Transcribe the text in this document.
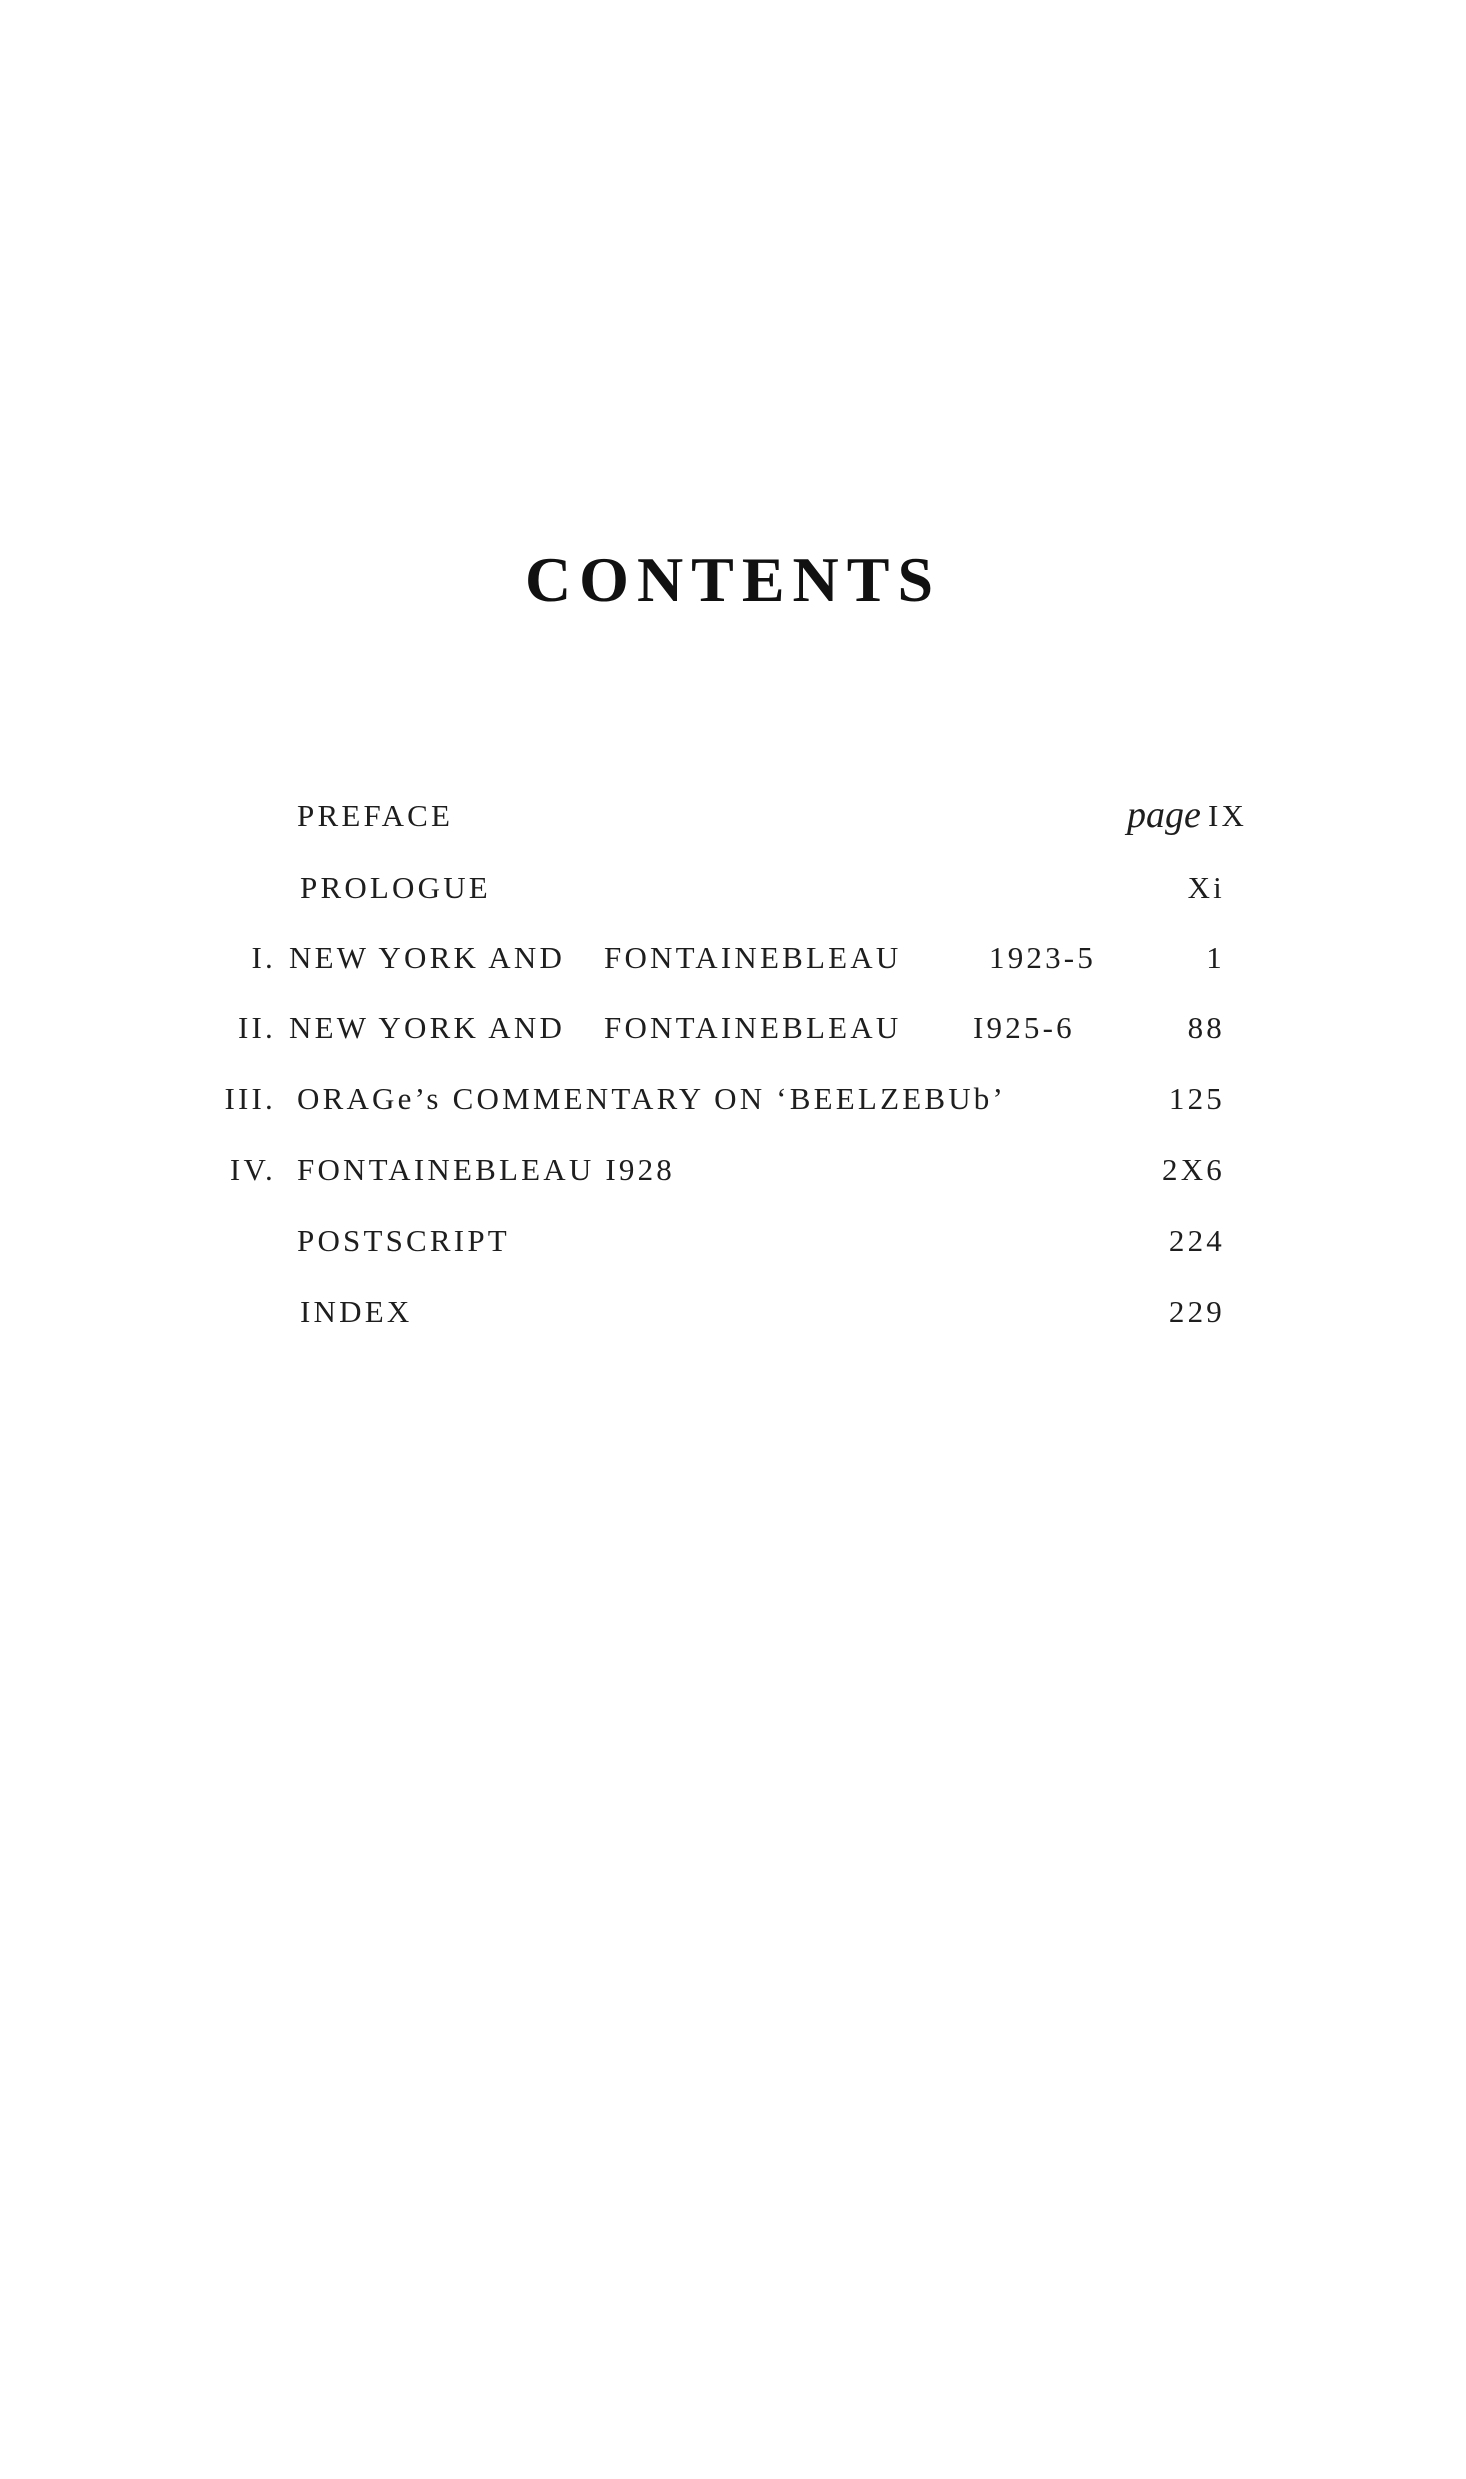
CONTENTS
PREFACE	page IX
PROLOGUE	Xi
I. NEW YORK AND FONTAINEBLEAU	1923-5	1
II. NEW YORK AND FONTAINEBLEAU I925-6	88
III. ORAGe’s COMMENTARY ON ‘BEELZEBUb’	125
IV. FONTAINEBLEAU I928	2X6
POSTSCRIPT	224
INDEX	229
